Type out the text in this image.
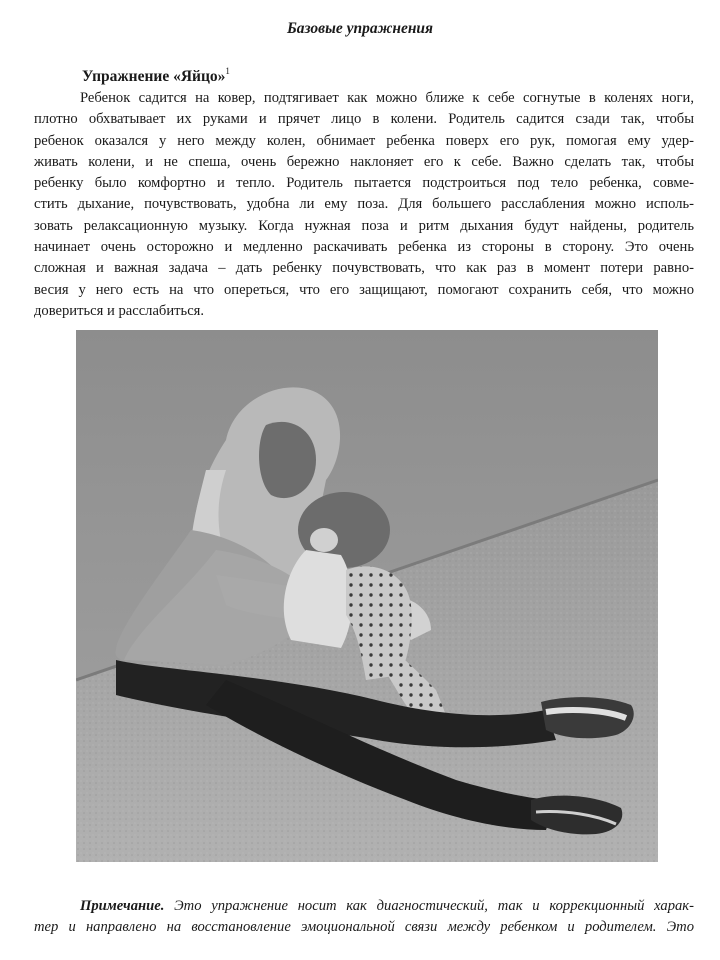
Базовые упражнения
Упражнение «Яйцо»$^1$
Ребенок садится на ковер, подтягивает как можно ближе к себе согнутые в коленях ноги,
плотно обхватывает их руками и прячет лицо в колени. Родитель садится сзади так, чтобы
ребенок оказался у него между колен, обнимает ребенка поверх его рук, помогая ему удер-
живать колени, и не спеша, очень бережно наклоняет его к себе. Важно сделать так, чтобы
ребенку было комфортно и тепло. Родитель пытается подстроиться под тело ребенка, совме-
стить дыхание, почувствовать, удобна ли ему поза. Для большего расслабления можно исполь-
зовать релаксационную музыку. Когда нужная поза и ритм дыхания будут найдены, родитель
начинает очень осторожно и медленно раскачивать ребенка из стороны в сторону. Это очень
сложная и важная задача – дать ребенку почувствовать, что как раз в момент потери равно-
весия у него есть на что опереться, что его защищают, помогают сохранить себя, что можно
довериться и расслабиться.
Примечание. Это упражнение носит как диагностический, так и коррекционный харак-
тер и направлено на восстановление эмоциональной связи между ребенком и родителем. Это
